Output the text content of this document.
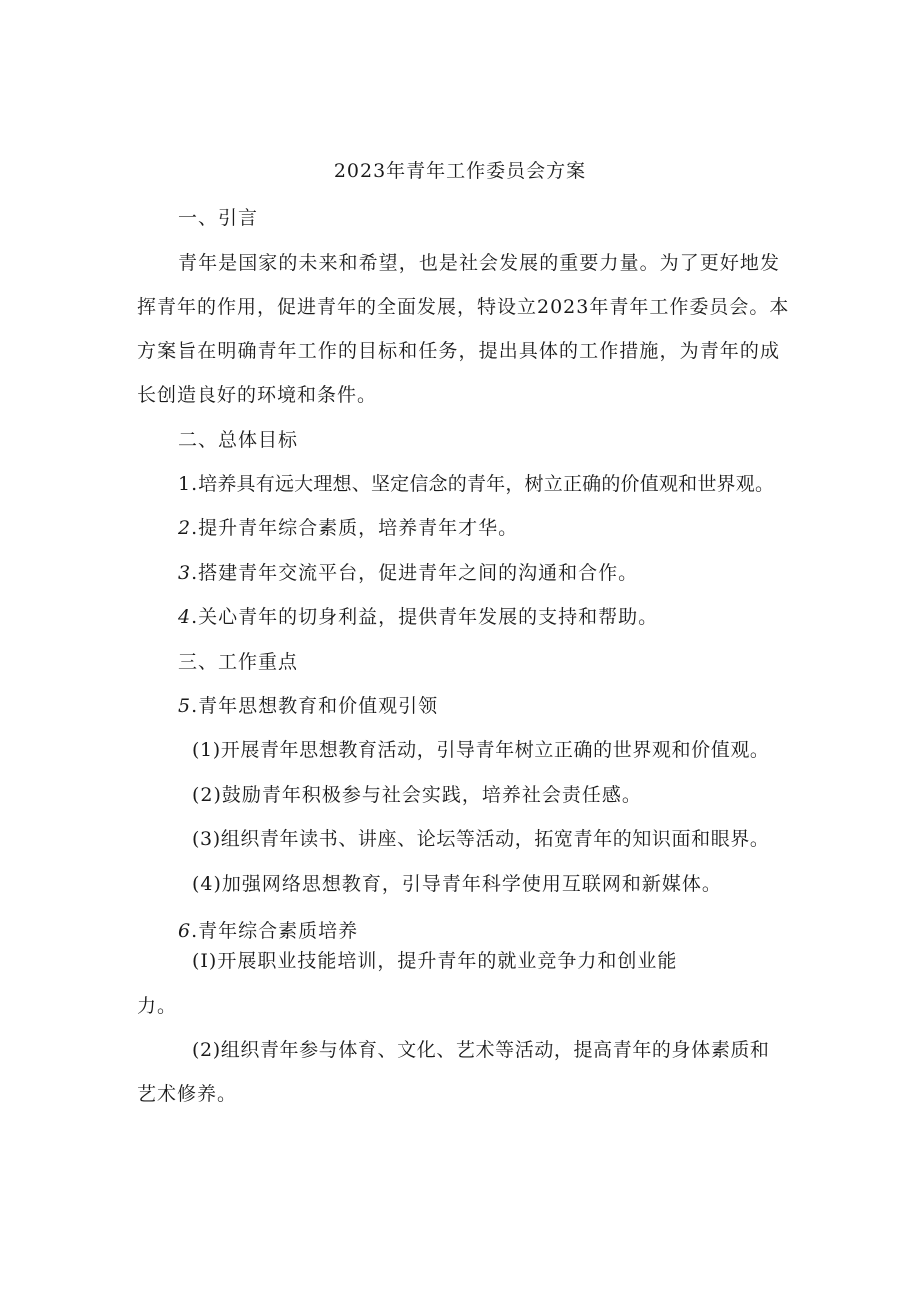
2023年青年工作委员会方案
一、引言
青年是国家的未来和希望，也是社会发展的重要力量。为了更好地发
挥青年的作用，促进青年的全面发展，特设立2023年青年工作委员会。本
方案旨在明确青年工作的目标和任务，提出具体的工作措施，为青年的成
长创造良好的环境和条件。
二、总体目标
1.培养具有远大理想、坚定信念的青年，树立正确的价值观和世界观。
2.提升青年综合素质，培养青年才华。
3.搭建青年交流平台，促进青年之间的沟通和合作。
4.关心青年的切身利益，提供青年发展的支持和帮助。
三、工作重点
5.青年思想教育和价值观引领
(1)开展青年思想教育活动，引导青年树立正确的世界观和价值观。
(2)鼓励青年积极参与社会实践，培养社会责任感。
(3)组织青年读书、讲座、论坛等活动，拓宽青年的知识面和眼界。
(4)加强网络思想教育，引导青年科学使用互联网和新媒体。
6.青年综合素质培养
(I)开展职业技能培训，提升青年的就业竞争力和创业能
力。
(2)组织青年参与体育、文化、艺术等活动，提高青年的身体素质和
艺术修养。
